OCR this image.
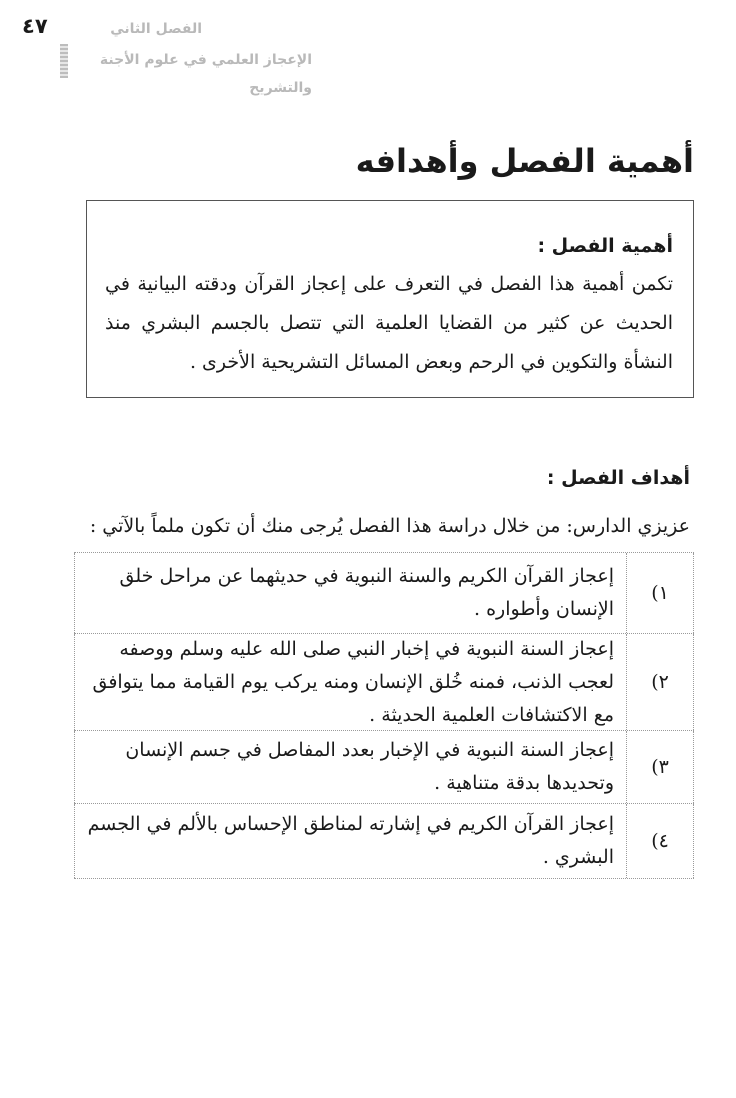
٤٧	الفصل الثاني
الإعجاز العلمي في علوم الأجنة والتشريح
أهمية الفصل وأهدافه
أهمية الفصل :

تكمن أهمية هذا الفصل في التعرف على إعجاز القرآن ودقته البيانية في الحديث عن كثير من القضايا العلمية التي تتصل بالجسم البشري منذ النشأة والتكوين في الرحم وبعض المسائل التشريحية الأخرى .

أهداف الفصل :
عزيزي الدارس: من خلال دراسة هذا الفصل يُرجى منك أن تكون ملماً بالآتي :
١)
إعجاز القرآن الكريم والسنة النبوية في حديثهما عن مراحل خلق الإنسان وأطواره .
٢)
إعجاز السنة النبوية في إخبار النبي صلى الله عليه وسلم ووصفه لعجب الذنب، فمنه خُلق الإنسان ومنه يركب يوم القيامة مما يتوافق مع الاكتشافات العلمية الحديثة .
٣)
إعجاز السنة النبوية في الإخبار بعدد المفاصل في جسم الإنسان وتحديدها بدقة متناهية .
٤)
إعجاز القرآن الكريم في إشارته لمناطق الإحساس بالألم في الجسم البشري .
